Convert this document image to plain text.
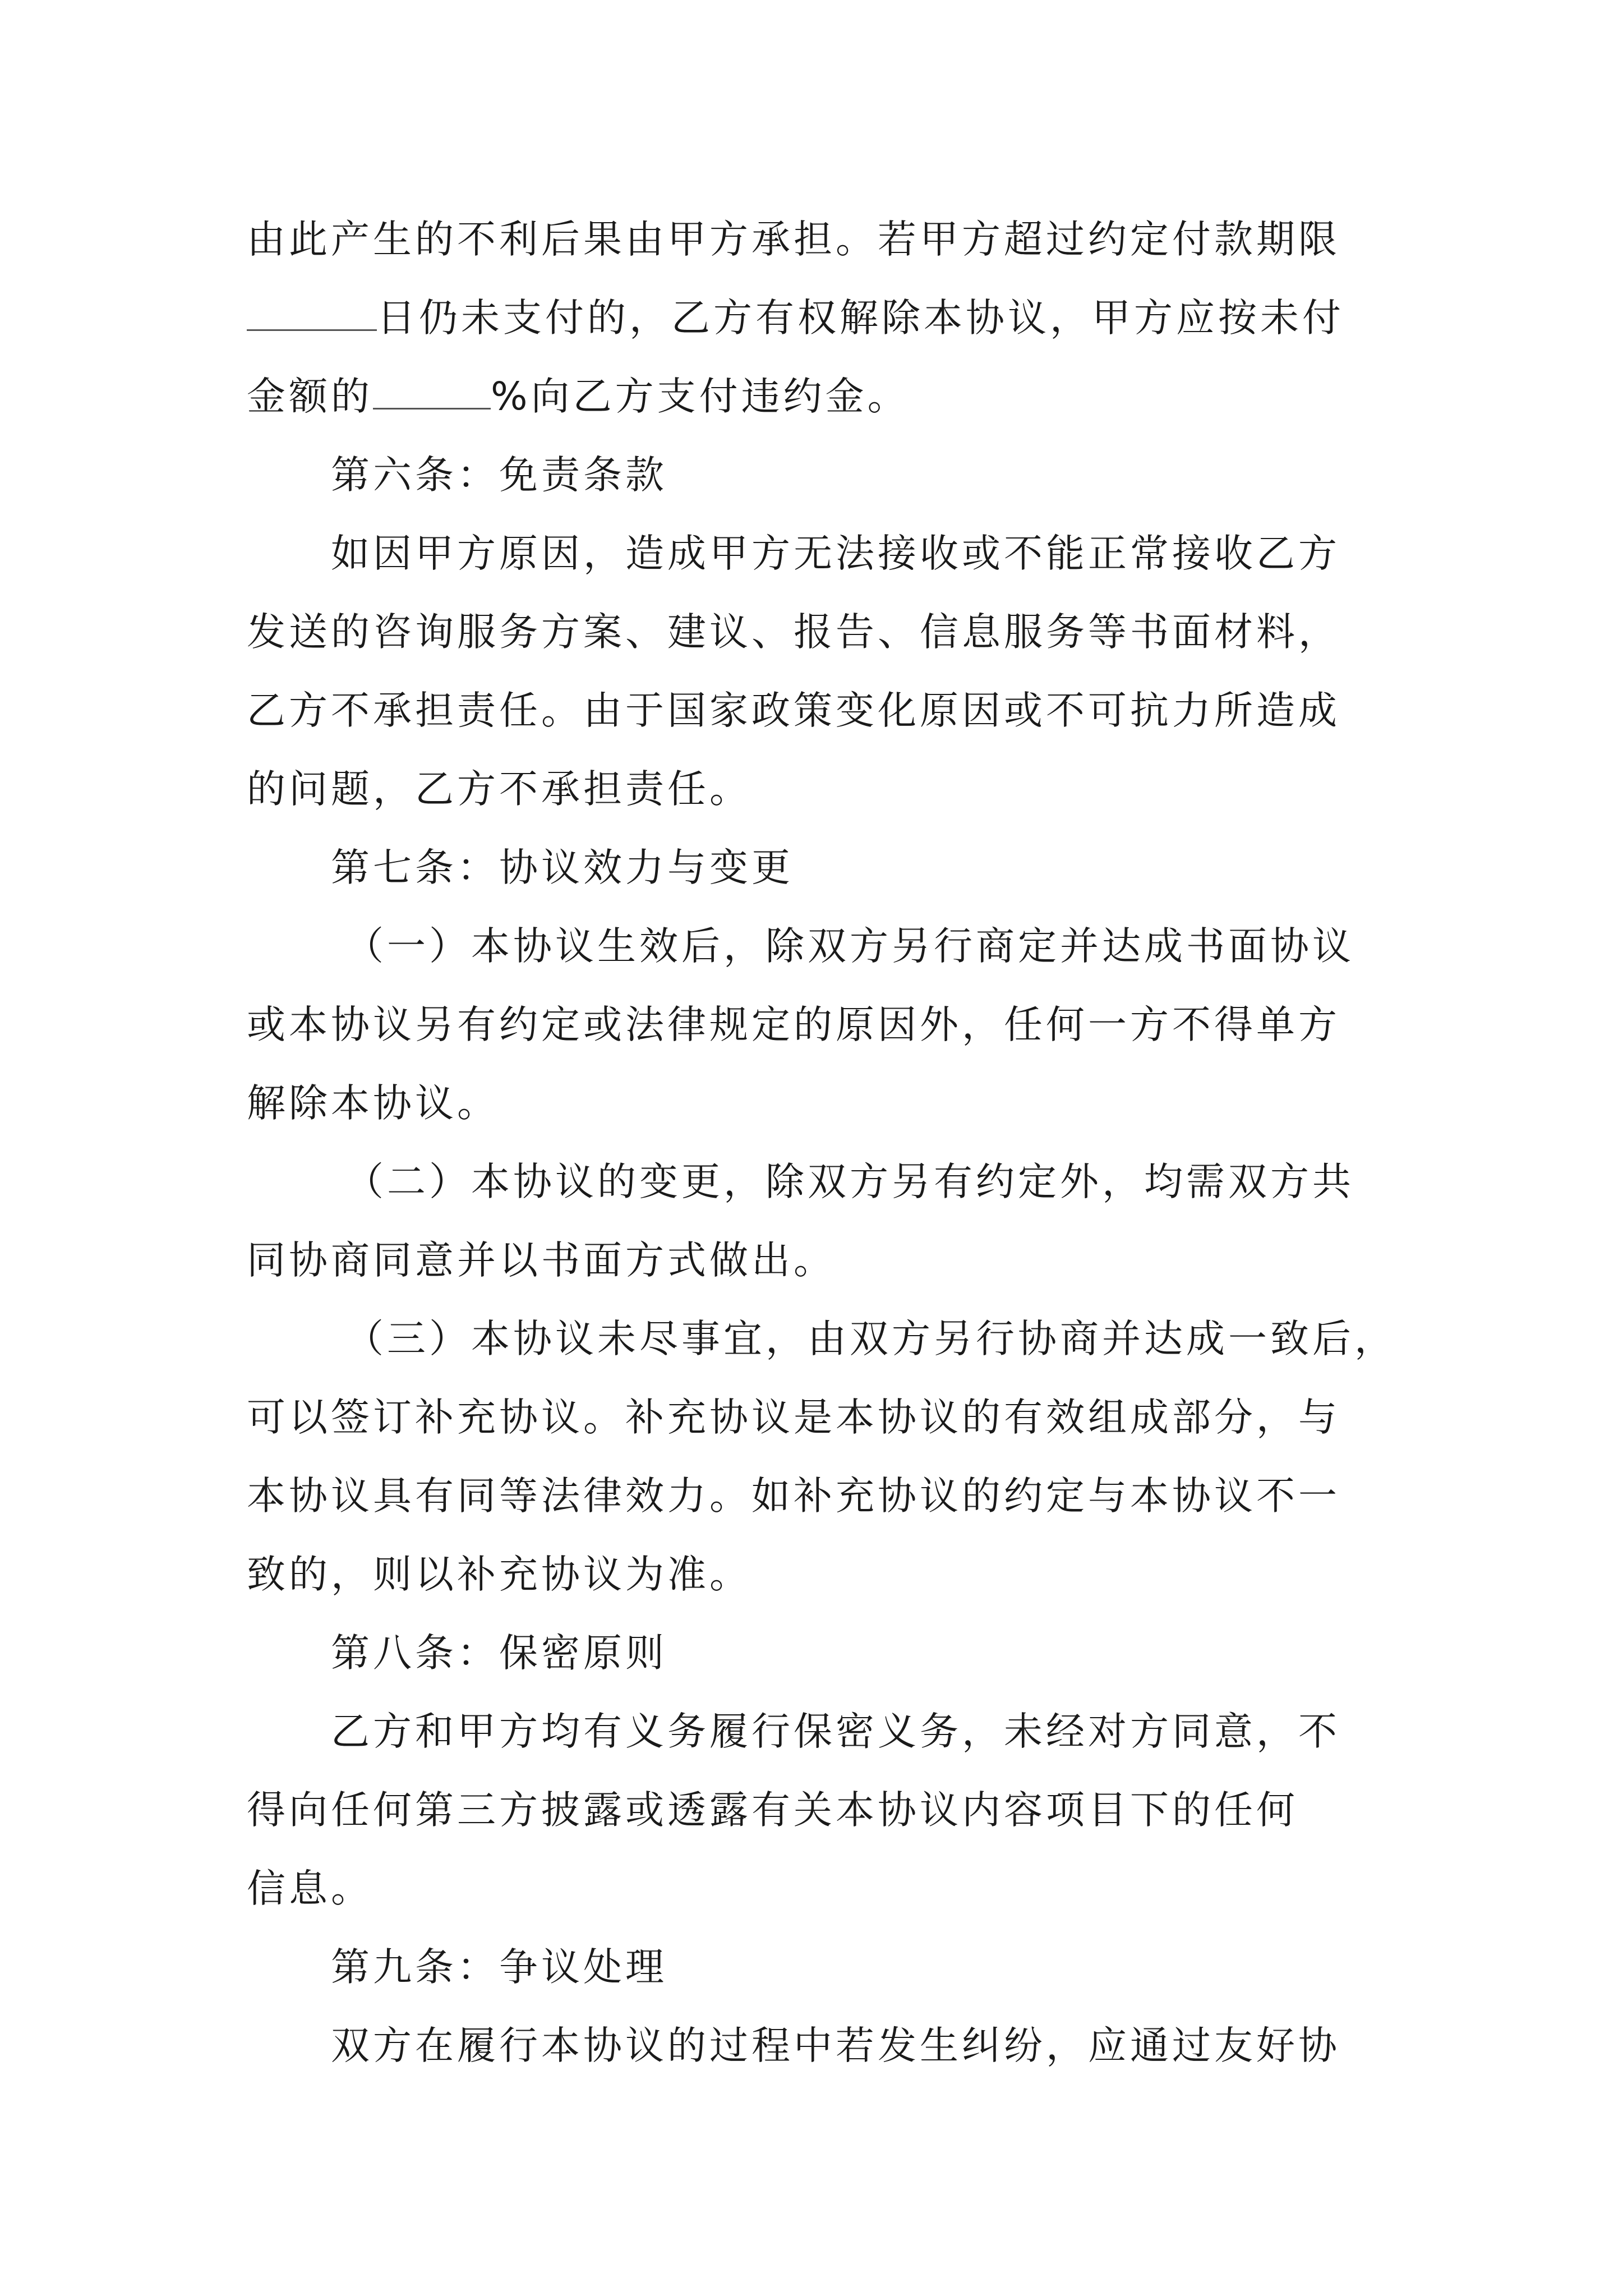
由此产生的不利后果由甲方承担。若甲方超过约定付款期限
日仍未支付的，乙方有权解除本协议，甲方应按未付
金额的	%向乙方支付违约金。
第六条：免责条款
如因甲方原因，造成甲方无法接收或不能正常接收乙方
发送的咨询服务方案、建议、报告、信息服务等书面材料，
乙方不承担责任。由于国家政策变化原因或不可抗力所造成
的问题，乙方不承担责任。
第七条：协议效力与变更
（一）本协议生效后，除双方另行商定并达成书面协议
或本协议另有约定或法律规定的原因外，任何一方不得单方
解除本协议。
（二）本协议的变更，除双方另有约定外，均需双方共
同协商同意并以书面方式做出。
（三）本协议未尽事宜，由双方另行协商并达成一致后，
可以签订补充协议。补充协议是本协议的有效组成部分，与
本协议具有同等法律效力。如补充协议的约定与本协议不一
致的，则以补充协议为准。
第八条：保密原则
乙方和甲方均有义务履行保密义务，未经对方同意，不
得向任何第三方披露或透露有关本协议内容项目下的任何
信息。
第九条：争议处理
双方在履行本协议的过程中若发生纠纷，应通过友好协
